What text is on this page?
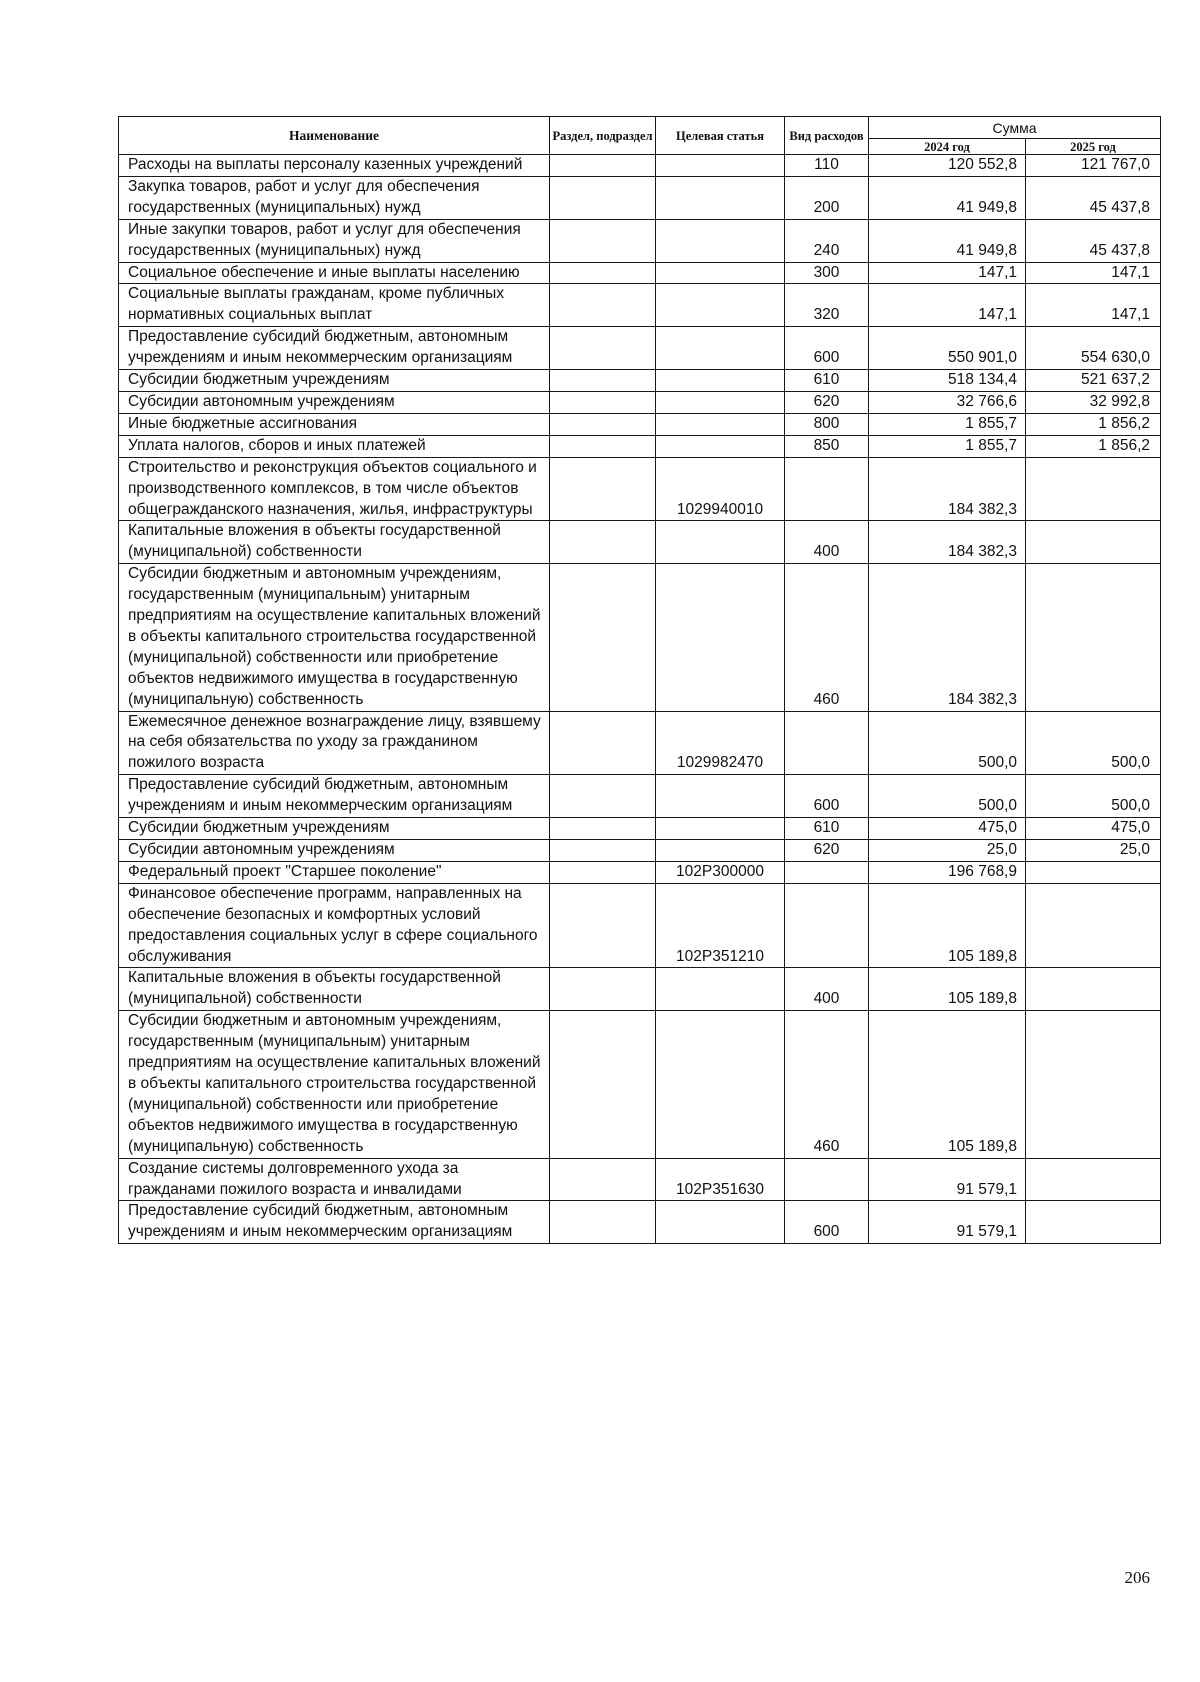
Наименование	Раздел, подраздел	Целевая статья	Вид расходов	Сумма	
				2024 год	2025 год
Расходы на выплаты персоналу казенных учреждений			110	120 552,8	121 767,0
Закупка товаров, работ и услуг для обеспечения государственных (муниципальных) нужд			200	41 949,8	45 437,8
Иные закупки товаров, работ и услуг для обеспечения государственных (муниципальных) нужд			240	41 949,8	45 437,8
Социальное обеспечение и иные выплаты населению			300	147,1	147,1
Социальные выплаты гражданам, кроме публичных нормативных социальных выплат			320	147,1	147,1
Предоставление субсидий бюджетным, автономным учреждениям и иным некоммерческим организациям			600	550 901,0	554 630,0
Субсидии бюджетным учреждениям			610	518 134,4	521 637,2
Субсидии автономным учреждениям			620	32 766,6	32 992,8
Иные бюджетные ассигнования			800	1 855,7	1 856,2
Уплата налогов, сборов и иных платежей			850	1 855,7	1 856,2
Строительство и реконструкция объектов социального и производственного комплексов, в том числе объектов общегражданского назначения, жилья, инфраструктуры		1029940010		184 382,3	
Капитальные вложения в объекты государственной (муниципальной) собственности			400	184 382,3	
Субсидии бюджетным и автономным учреждениям, государственным (муниципальным) унитарным предприятиям на осуществление капитальных вложений в объекты капитального строительства государственной (муниципальной) собственности или приобретение объектов недвижимого имущества в государственную (муниципальную) собственность			460	184 382,3	
Ежемесячное денежное вознаграждение лицу, взявшему на себя обязательства по уходу за гражданином пожилого возраста		1029982470		500,0	500,0
Предоставление субсидий бюджетным, автономным учреждениям и иным некоммерческим организациям			600	500,0	500,0
Субсидии бюджетным учреждениям			610	475,0	475,0
Субсидии автономным учреждениям			620	25,0	25,0
Федеральный проект "Старшее поколение"		102P300000		196 768,9	
Финансовое обеспечение программ, направленных на обеспечение безопасных и комфортных условий предоставления социальных услуг в сфере социального обслуживания		102P351210		105 189,8	
Капитальные вложения в объекты государственной (муниципальной) собственности			400	105 189,8	
Субсидии бюджетным и автономным учреждениям, государственным (муниципальным) унитарным предприятиям на осуществление капитальных вложений в объекты капитального строительства государственной (муниципальной) собственности или приобретение объектов недвижимого имущества в государственную (муниципальную) собственность			460	105 189,8	
Создание системы долговременного ухода за гражданами пожилого возраста и инвалидами		102P351630		91 579,1	
Предоставление субсидий бюджетным, автономным учреждениям и иным некоммерческим организациям			600	91 579,1	
206
